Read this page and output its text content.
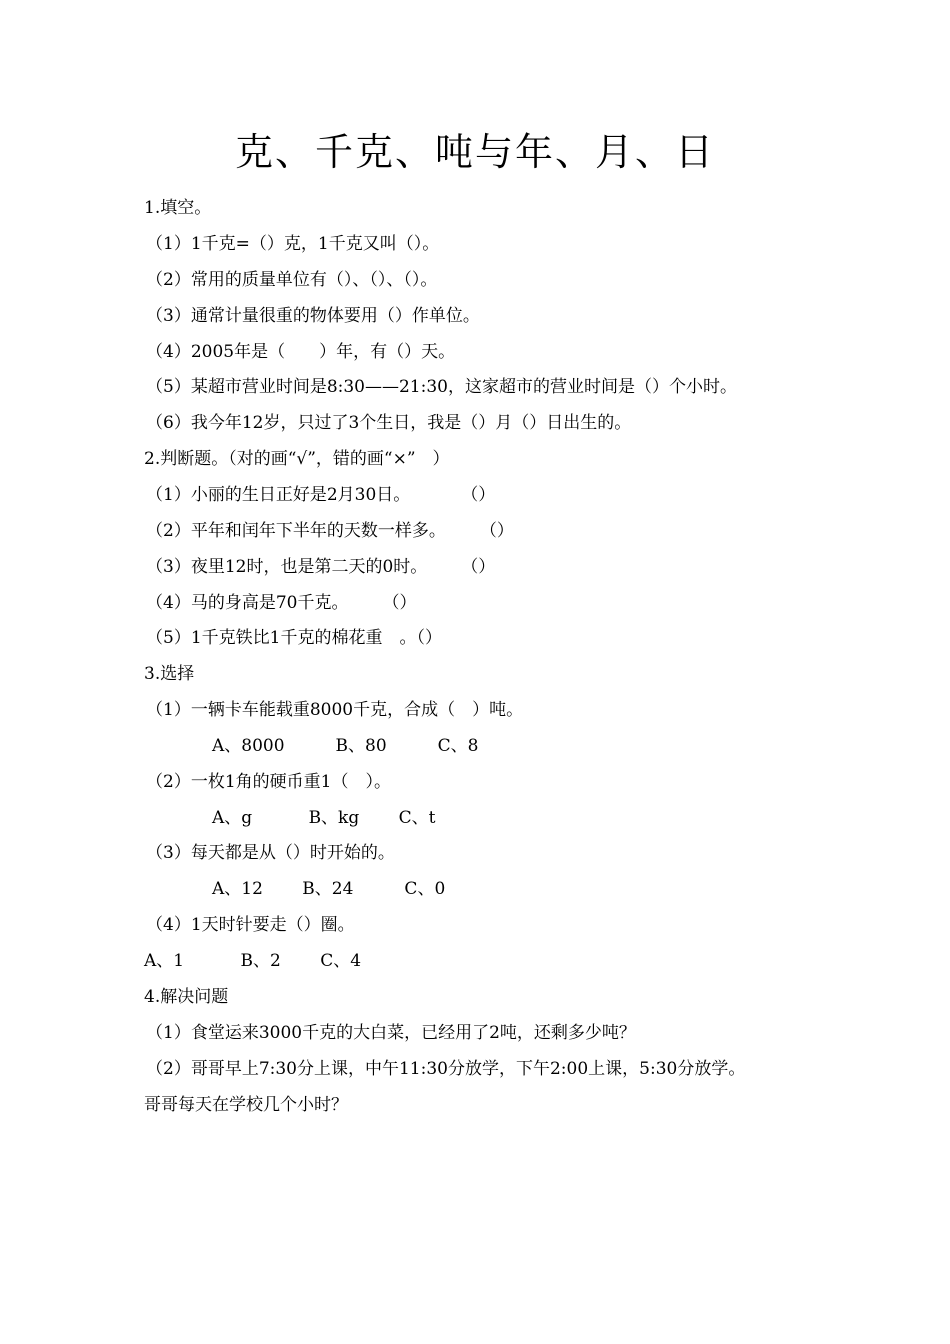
克、千克、吨与年、月、日
1.填空。
（1）1千克=（）克，1千克又叫（）。
（2）常用的质量单位有（）、（）、（）。
（3）通常计量很重的物体要用（）作单位。
（4）2005年是（　　）年，有（）天。
（5）某超市营业时间是8:30——21:30，这家超市的营业时间是（）个小时。
（6）我今年12岁，只过了3个生日，我是（）月（）日出生的。
2.判断题。（对的画“√”，错的画“×”　）
（1）小丽的生日正好是2月30日。　　　　（）
（2）平年和闰年下半年的天数一样多。　　　（）
（3）夜里12时，也是第二天的0时。　　　（）
（4）马的身高是70千克。　　　（）
（5）1千克铁比1千克的棉花重　。（）
3.选择
（1）一辆卡车能载重8000千克，合成（　）吨。
A、8000　　　B、80　　　C、8
（2）一枚1角的硬币重1（　）。
A、g　　　 B、kg　　 C、t
（3）每天都是从（）时开始的。
A、12　　 B、24　　　C、0
（4）1天时针要走（）圈。
A、1　　　 B、2　　 C、4
4.解决问题
（1）食堂运来3000千克的大白菜，已经用了2吨，还剩多少吨？
（2）哥哥早上7:30分上课，中午11:30分放学，下午2:00上课，5:30分放学。
哥哥每天在学校几个小时？
